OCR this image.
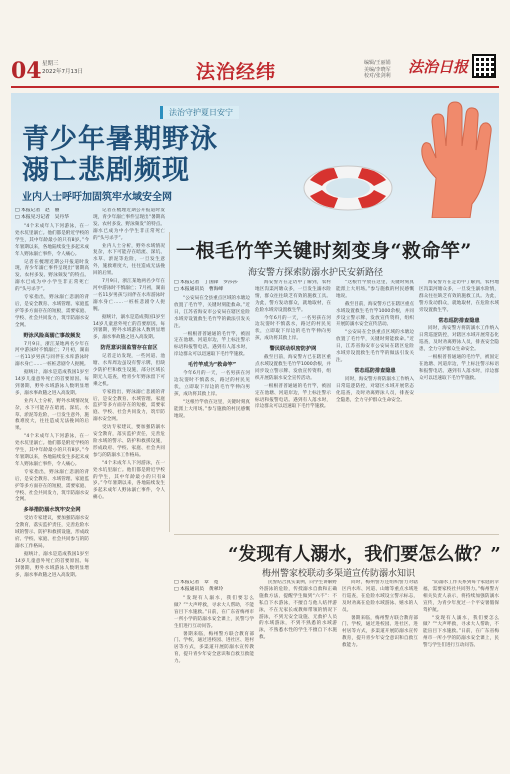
04 星期三
2022年7月13日	法治经纬	编辑/王丽娟
美编/李晓军
校对/张剑利 法治日报
法治守护夏日安宁
青少年暑期野泳
溺亡悲剧频现
业内人士呼吁加固筑牢水域安全网
□ 本报记者　赵　丽
□ 本报见习记者　吴丹华

“4个未成年人下河游泳，在一处水坑里溺亡。他们都是附近学校的学生，其中年龄最小的只有8岁。”今年暑期以来，各地陆续发生多起未成年人野泳溺亡事件，令人痛心。

记者在梳理近期公开报道时发现，青少年溺亡事件呈现出“暑期高发、农村多发、野泳频发”的特点。溺水已成为中小学生非正常死亡的“头号杀手”。

专家指出，野泳溺亡悲剧的背后，是安全教育、水域管理、家庭监护等多方面存在的短板，需要家庭、学校、社会共同发力，筑牢防溺水安全网。

野泳风险高溺亡事故频发

7月9日，浙江某地两名少年在河中游泳时不慎溺亡；7月初，湖南一名11岁男孩与同伴在水库游泳时溺水身亡……一桩桩悲剧令人扼腕。

据统计，溺水是造成我国1岁至14岁儿童意外死亡的首要原因。每到暑期，野外水域游泳人数明显增多，溺水事故随之进入高发期。

业内人士分析，野外水域情况复杂，水下可能存在暗流、深坑、水草、淤泥等危险，一旦发生意外，施救难度大，往往造成无法挽回的后果。

“4个未成年人下河游泳，在一处水坑里溺亡。他们都是附近学校的学生，其中年龄最小的只有8岁。”今年暑期以来，各地陆续发生多起未成年人野泳溺亡事件，令人痛心。

专家指出，野泳溺亡悲剧的背后，是安全教育、水域管理、家庭监护等多方面存在的短板，需要家庭、学校、社会共同发力，筑牢防溺水安全网。

多举措防溺水筑牢安全网

受访专家建议，要加强防溺水安全教育，落实监护责任，完善危险水域的警示、防护和救援设施，形成政府、学校、家庭、社会共同参与的防溺水工作格局。

据统计，溺水是造成我国1岁至14岁儿童意外死亡的首要原因。每到暑期，野外水域游泳人数明显增多，溺水事故随之进入高发期。

记者在梳理近期公开报道时发现，青少年溺亡事件呈现出“暑期高发、农村多发、野泳频发”的特点。溺水已成为中小学生非正常死亡的“头号杀手”。

业内人士分析，野外水域情况复杂，水下可能存在暗流、深坑、水草、淤泥等危险，一旦发生意外，施救难度大，往往造成无法挽回的后果。

7月9日，浙江某地两名少年在河中游泳时不慎溺亡；7月初，湖南一名11岁男孩与同伴在水库游泳时溺水身亡……一桩桩悲剧令人扼腕。

据统计，溺水是造成我国1岁至14岁儿童意外死亡的首要原因。每到暑期，野外水域游泳人数明显增多，溺水事故随之进入高发期。

防范意识弱监管存在盲区

记者走访发现，一些河道、池塘、水库周边虽设有警示牌，但缺少防护栏和救生设施，部分区域长期无人巡查，给青少年野泳留下可乘之机。

专家指出，野泳溺亡悲剧的背后，是安全教育、水域管理、家庭监护等多方面存在的短板，需要家庭、学校、社会共同发力，筑牢防溺水安全网。

受访专家建议，要加强防溺水安全教育，落实监护责任，完善危险水域的警示、防护和救援设施，形成政府、学校、家庭、社会共同参与的防溺水工作格局。

“4个未成年人下河游泳，在一处水坑里溺亡。他们都是附近学校的学生，其中年龄最小的只有8岁。”今年暑期以来，各地陆续发生多起未成年人野泳溺亡事件，令人痛心。

一根毛竹竿关键时刻变身“救命竿”
海安警方探索防溺水护民安新路径
□ 本报记者　丁国锋　罗莎莎
□ 本报通讯员　曹海峰

“公安局在全县重点区域的水塘边放置了毛竹竿，关键时刻能救命。”近日，江苏省海安市公安局在辖区危险水域旁设置救生毛竹竿的做法引发关注。

一根根普普通通的毛竹竿，被固定在池塘、河道岸边，竿上标注警示标语和报警电话。遇到有人落水时，岸边群众可以迅速取下毛竹竿施救。

毛竹竿成为“救命竿”

今年6月的一天，一名男孩在河边玩耍时不慎落水，路过的村民见状，立即取下岸边的毛竹竿伸向男孩，成功将其救上岸。

“这根竹竿放在这里，关键时刻真能派上大用场。”参与施救的村民感慨地说。

海安警方在走访中了解到，农村地区沟渠河塘众多，一旦发生溺水险情，群众往往缺乏有效的施救工具。为此，警方发动群众，就地取材，在危险水域旁设置救生竿。

今年6月的一天，一名男孩在河边玩耍时不慎落水，路过的村民见状，立即取下岸边的毛竹竿伸向男孩，成功将其救上岸。

警民联动织密防护网

截至目前，海安警方已在辖区重点水域设置救生毛竹竿1000余根，并同步设立警示牌、发放宣传资料，组织开展防溺水安全宣传活动。

一根根普普通通的毛竹竿，被固定在池塘、河道岸边，竿上标注警示标语和报警电话。遇到有人落水时，岸边群众可以迅速取下毛竹竿施救。

“这根竹竿放在这里，关键时刻真能派上大用场。”参与施救的村民感慨地说。

截至目前，海安警方已在辖区重点水域设置救生毛竹竿1000余根，并同步设立警示牌、发放宣传资料，组织开展防溺水安全宣传活动。

“公安局在全县重点区域的水塘边放置了毛竹竿，关键时刻能救命。”近日，江苏省海安市公安局在辖区危险水域旁设置救生毛竹竿的做法引发关注。

常态巡防排查隐患

同时，海安警方将防溺水工作纳入日常巡逻防控，对辖区水域开展常态化巡查，及时劝离野泳人员，排查安全隐患，全力守护群众生命安全。

海安警方在走访中了解到，农村地区沟渠河塘众多，一旦发生溺水险情，群众往往缺乏有效的施救工具。为此，警方发动群众，就地取材，在危险水域旁设置救生竿。

常态巡防排查隐患

同时，海安警方将防溺水工作纳入日常巡逻防控，对辖区水域开展常态化巡查，及时劝离野泳人员，排查安全隐患，全力守护群众生命安全。

一根根普普通通的毛竹竿，被固定在池塘、河道岸边，竿上标注警示标语和报警电话。遇到有人落水时，岸边群众可以迅速取下毛竹竿施救。

“发现有人溺水，我们要怎么做？”
梅州警家校联动多渠道宣传防溺水知识
□ 本报记者　章　宽
□ 本报通讯员　黄翠玲

“发现有人溺水，我们要怎么做？”“大声呼救，寻求大人帮助，不能盲目下水施救。”日前，在广东省梅州市一所小学的防溺水安全课上，民警与学生们进行互动问答。

暑期来临，梅州警方联合教育部门、学校，通过进校园、进社区、进村居等方式，多渠道开展防溺水宣传教育，提升青少年安全意识和自救互救能力。

民警结合真实案例，向学生讲解野外游泳的危险，传授溺水自救和正确施救方法，提醒学生做到“六不”：不私自下水游泳，不擅自与他人结伴游泳，不在无家长或教师带领的情况下游泳，不到无安全设施、无救护人员的水域游泳，不到不熟悉的水域游泳，不熟悉水性的学生不擅自下水施救。

同时，梅州警方还组织警力对辖区内水库、河道、山塘等重点水域进行巡查，在危险水域设立警示标志，及时劝离在危险水域游泳、嬉水的人员。

暑期来临，梅州警方联合教育部门、学校，通过进校园、进社区、进村居等方式，多渠道开展防溺水宣传教育，提升青少年安全意识和自救互救能力。

“防溺水工作关系到每个家庭的幸福，需要家校社共同努力。”梅州警方相关负责人表示，将持续加强防溺水宣传，为青少年度过一个平安暑假保驾护航。

“发现有人溺水，我们要怎么做？”“大声呼救，寻求大人帮助，不能盲目下水施救。”日前，在广东省梅州市一所小学的防溺水安全课上，民警与学生们进行互动问答。
